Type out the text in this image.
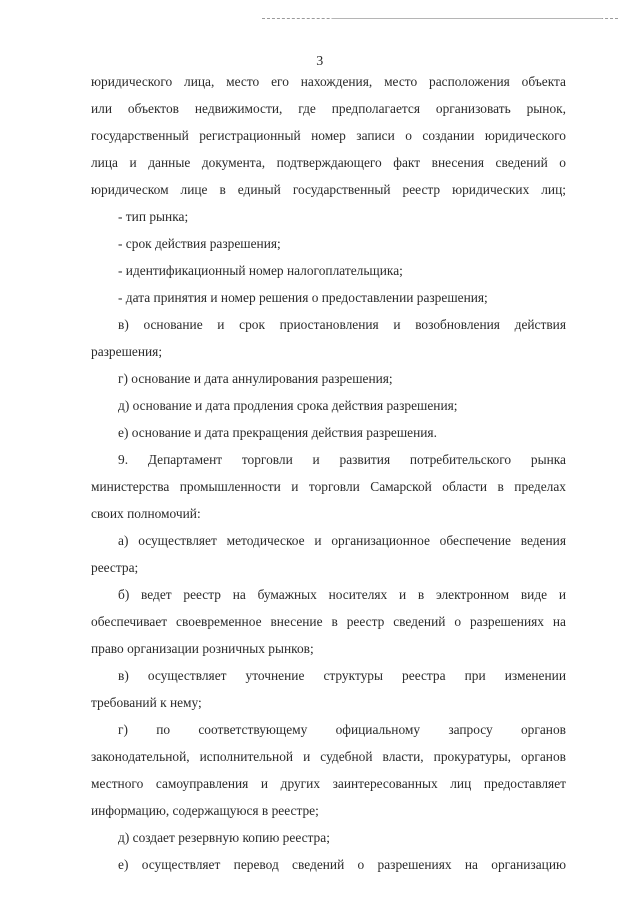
3
юридического лица, место его нахождения, место расположения объекта
или объектов недвижимости, где предполагается организовать рынок,
государственный регистрационный номер записи о создании юридического
лица и данные документа, подтверждающего факт внесения сведений о
юридическом лице в единый государственный реестр юридических лиц;
- тип рынка;
- срок действия разрешения;
- идентификационный номер налогоплательщика;
- дата принятия и номер решения о предоставлении разрешения;
в) основание и срок приостановления и возобновления действия
разрешения;
г) основание и дата аннулирования разрешения;
д) основание и дата продления срока действия разрешения;
е) основание и дата прекращения действия разрешения.
9. Департамент торговли и развития потребительского рынка
министерства промышленности и торговли Самарской области в пределах
своих полномочий:
а) осуществляет методическое и организационное обеспечение ведения
реестра;
б) ведет реестр на бумажных носителях и в электронном виде и
обеспечивает своевременное внесение в реестр сведений о разрешениях на
право организации розничных рынков;
в) осуществляет уточнение структуры реестра при изменении
требований к нему;
г) по соответствующему официальному запросу органов
законодательной, исполнительной и судебной власти, прокуратуры, органов
местного самоуправления и других заинтересованных лиц предоставляет
информацию, содержащуюся в реестре;
д) создает резервную копию реестра;
е) осуществляет перевод сведений о разрешениях на организацию
